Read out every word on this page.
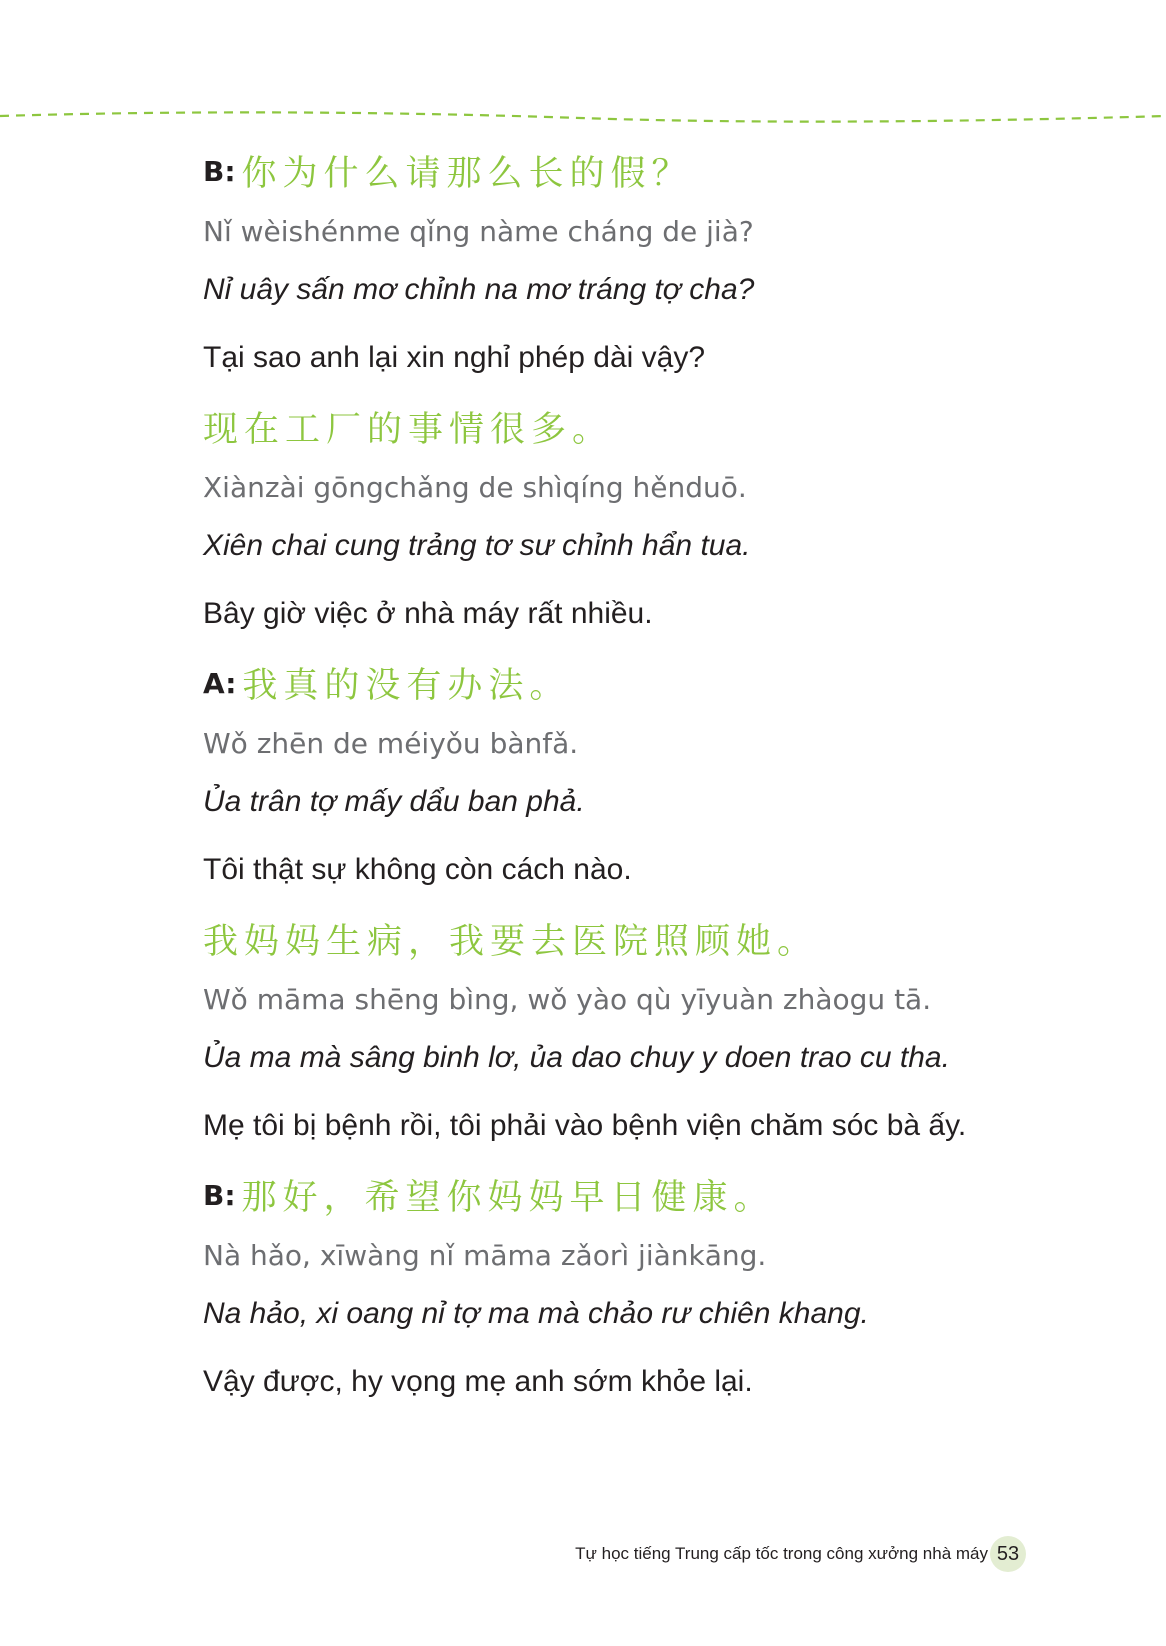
B: 你为什么请那么长的假？
Nǐ wèishénme qǐng nàme cháng de jià?
Nỉ uây sấn mơ chỉnh na mơ tráng tợ cha?
Tại sao anh lại xin nghỉ phép dài vậy?
现在工厂的事情很多。
Xiànzài gōngchǎng de shìqíng hěnduō.
Xiên chai cung trảng tơ sư chỉnh hẩn tua.
Bây giờ việc ở nhà máy rất nhiều.
A: 我真的没有办法。
Wǒ zhēn de méiyǒu bànfǎ.
Ủa trân tợ mấy dẩu ban phả.
Tôi thật sự không còn cách nào.
我妈妈生病，我要去医院照顾她。
Wǒ māma shēng bìng, wǒ yào qù yīyuàn zhàogu tā.
Ủa ma mà sâng binh lơ, ủa dao chuy y doen trao cu tha.
Mẹ tôi bị bệnh rồi, tôi phải vào bệnh viện chăm sóc bà ấy.
B: 那好，希望你妈妈早日健康。
Nà hǎo, xīwàng nǐ māma zǎorì jiànkāng.
Na hảo, xi oang nỉ tợ ma mà chảo rư chiên khang.
Vậy được, hy vọng mẹ anh sớm khỏe lại.
Tự học tiếng Trung cấp tốc trong công xưởng nhà máy 53
